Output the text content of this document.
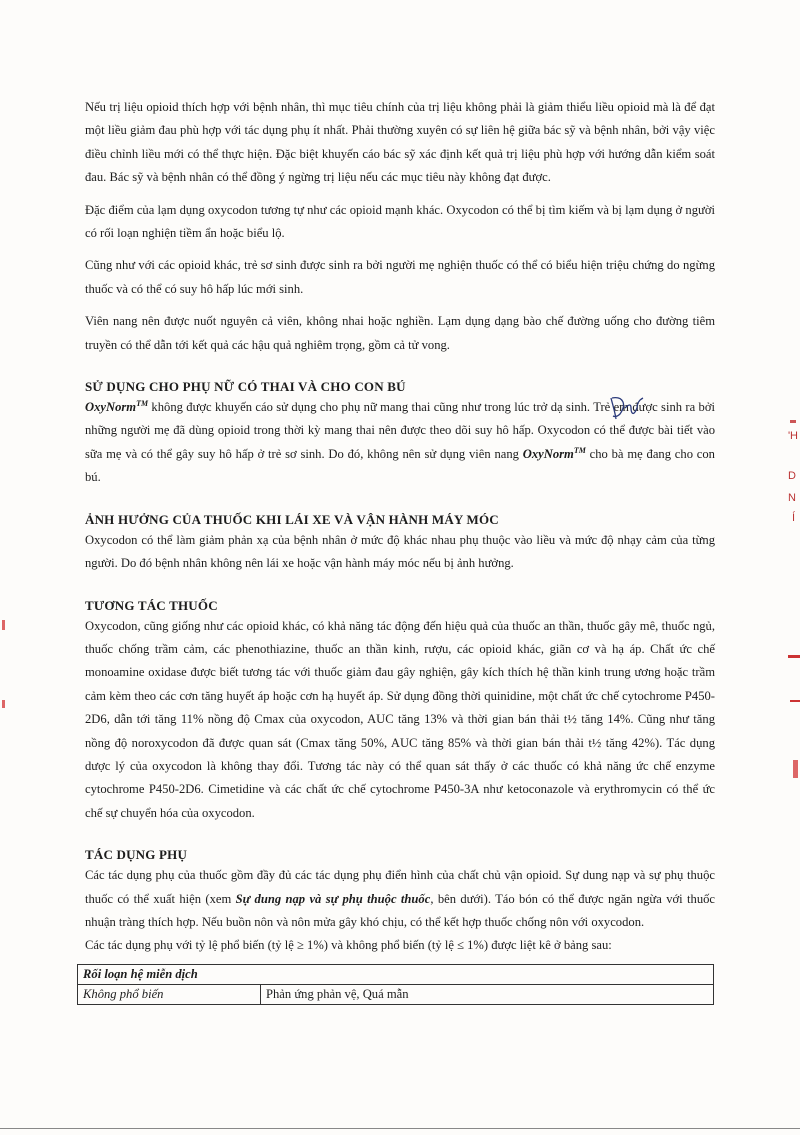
Nếu trị liệu opioid thích hợp với bệnh nhân, thì mục tiêu chính của trị liệu không phải là giảm thiểu liều opioid mà là để đạt một liều giảm đau phù hợp với tác dụng phụ ít nhất. Phải thường xuyên có sự liên hệ giữa bác sỹ và bệnh nhân, bởi vậy việc điều chỉnh liều mới có thể thực hiện. Đặc biệt khuyến cáo bác sỹ xác định kết quả trị liệu phù hợp với hướng dẫn kiểm soát đau. Bác sỹ và bệnh nhân có thể đồng ý ngừng trị liệu nếu các mục tiêu này không đạt được.

Đặc điểm của lạm dụng oxycodon tương tự như các opioid mạnh khác. Oxycodon có thể bị tìm kiếm và bị lạm dụng ở người có rối loạn nghiện tiềm ẩn hoặc biểu lộ.

Cũng như với các opioid khác, trẻ sơ sinh được sinh ra bởi người mẹ nghiện thuốc có thể có biểu hiện triệu chứng do ngừng thuốc và có thể có suy hô hấp lúc mới sinh.

Viên nang nên được nuốt nguyên cả viên, không nhai hoặc nghiền. Lạm dụng dạng bào chế đường uống cho đường tiêm truyền có thể dẫn tới kết quả các hậu quả nghiêm trọng, gồm cả tử vong.

SỬ DỤNG CHO PHỤ NỮ CÓ THAI VÀ CHO CON BÚ

OxyNorm™ không được khuyến cáo sử dụng cho phụ nữ mang thai cũng như trong lúc trở dạ sinh. Trẻ em được sinh ra bởi những người mẹ đã dùng opioid trong thời kỳ mang thai nên được theo dõi suy hô hấp. Oxycodon có thể được bài tiết vào sữa mẹ và có thể gây suy hô hấp ở trẻ sơ sinh. Do đó, không nên sử dụng viên nang OxyNorm™ cho bà mẹ đang cho con bú.

ẢNH HƯỞNG CỦA THUỐC KHI LÁI XE VÀ VẬN HÀNH MÁY MÓC

Oxycodon có thể làm giảm phản xạ của bệnh nhân ở mức độ khác nhau phụ thuộc vào liều và mức độ nhạy cảm của từng người. Do đó bệnh nhân không nên lái xe hoặc vận hành máy móc nếu bị ảnh hưởng.

TƯƠNG TÁC THUỐC

Oxycodon, cũng giống như các opioid khác, có khả năng tác động đến hiệu quả của thuốc an thần, thuốc gây mê, thuốc ngủ, thuốc chống trầm cảm, các phenothiazine, thuốc an thần kinh, rượu, các opioid khác, giãn cơ và hạ áp. Chất ức chế monoamine oxidase được biết tương tác với thuốc giảm đau gây nghiện, gây kích thích hệ thần kinh trung ương hoặc trầm cảm kèm theo các cơn tăng huyết áp hoặc cơn hạ huyết áp. Sử dụng đồng thời quinidine, một chất ức chế cytochrome P450-2D6, dẫn tới tăng 11% nồng độ Cmax của oxycodon, AUC tăng 13% và thời gian bán thải t½ tăng 14%. Cũng như tăng nồng độ noroxycodon đã được quan sát (Cmax tăng 50%, AUC tăng 85% và thời gian bán thải t½ tăng 42%). Tác dụng dược lý của oxycodon là không thay đổi. Tương tác này có thể quan sát thấy ở các thuốc có khả năng ức chế enzyme cytochrome P450-2D6. Cimetidine và các chất ức chế cytochrome P450-3A như ketoconazole và erythromycin có thể ức chế sự chuyển hóa của oxycodon.

TÁC DỤNG PHỤ

Các tác dụng phụ của thuốc gồm đầy đủ các tác dụng phụ điển hình của chất chủ vận opioid. Sự dung nạp và sự phụ thuộc thuốc có thể xuất hiện (xem Sự dung nạp và sự phụ thuộc thuốc, bên dưới). Táo bón có thể được ngăn ngừa với thuốc nhuận tràng thích hợp. Nếu buồn nôn và nôn mửa gây khó chịu, có thể kết hợp thuốc chống nôn với oxycodon.

Các tác dụng phụ với tỷ lệ phổ biến (tỷ lệ ≥ 1%) và không phổ biến (tỷ lệ ≤ 1%) được liệt kê ở bảng sau:

Rối loạn hệ miễn dịch
Không phổ biến	Phản ứng phản vệ, Quá mẫn
'H
D
N
Í
